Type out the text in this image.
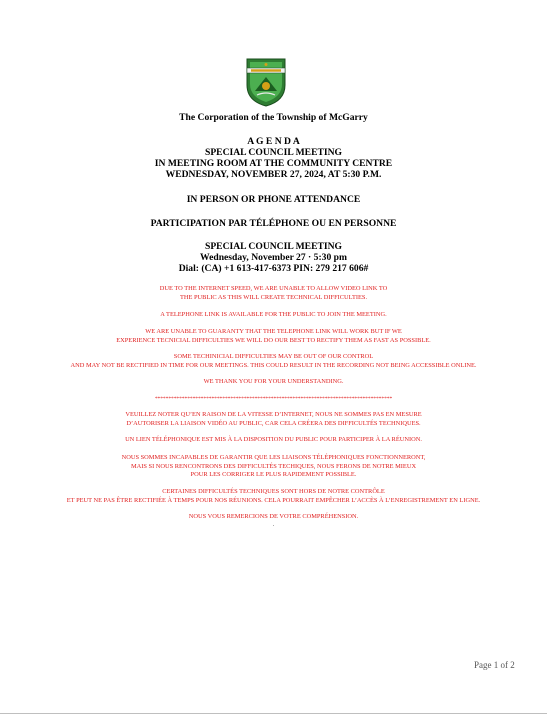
The Corporation of the Township of McGarry
A G E N D A
SPECIAL COUNCIL MEETING
IN MEETING ROOM AT THE COMMUNITY CENTRE
WEDNESDAY, NOVEMBER 27, 2024, AT 5:30 P.M.
IN PERSON OR PHONE ATTENDANCE
PARTICIPATION PAR TÉLÉPHONE OU EN PERSONNE
SPECIAL COUNCIL MEETING
Wednesday, November 27 · 5:30 pm
Dial: (CA) +1 613-417-6373 PIN: 279 217 606#
DUE TO THE INTERNET SPEED, WE ARE UNABLE TO ALLOW VIDEO LINK TO
THE PUBLIC AS THIS WILL CREATE TECHNICAL DIFFICULTIES.
A TELEPHONE LINK IS AVAILABLE FOR THE PUBLIC TO JOIN THE MEETING.
WE ARE UNABLE TO GUARANTY THAT THE TELEPHONE LINK WILL WORK BUT IF WE
EXPERIENCE TECNICIAL DIFFICULTIES WE WILL DO OUR BEST TO RECTIFY THEM AS FAST AS POSSIBLE.
SOME TECHINICIAL DIFFICULTIES MAY BE OUT OF OUR CONTROL
AND MAY NOT BE RECTIFIED IN TIME FOR OUR MEETINGS. THIS COULD RESULT IN THE RECORDING NOT BEING ACCESSIBLE ONLINE.
WE THANK YOU FOR YOUR UNDERSTANDING.
****************************************************************************************
VEUILLEZ NOTER QU’EN RAISON DE LA VITESSE D’INTERNET, NOUS NE SOMMES PAS EN MESURE
D’AUTORISER LA LIAISON VIDÉO AU PUBLIC, CAR CELA CRÉERA DES DIFFICULTÉS TECHNIQUES.
UN LIEN TÉLÉPHONIQUE EST MIS À LA DISPOSITION DU PUBLIC POUR PARTICIPER À LA RÉUNION.
NOUS SOMMES INCAPABLES DE GARANTIR QUE LES LIAISONS TÉLÉPHONIQUES FONCTIONNERONT,
MAIS SI NOUS RENCONTRONS DES DIFFICULTÉS TECHIQUES, NOUS FERONS DE NOTRE MIEUX
POUR LES CORRIGER LE PLUS RAPIDEMENT POSSIBLE.
CERTAINES DIFFICULTÉS TECHNIQUES SONT HORS DE NOTRE CONTRÔLE
ET PEUT NE PAS ÊTRE RECTIFIÉE À TEMPS POUR NOS RÉUNIONS. CELA POURRAIT EMPÊCHER L’ACCÈS À L’ENREGISTREMENT EN LIGNE.
NOUS VOUS REMERCIONS DE VOTRE COMPRÉHENSION.
.
Page 1 of 2
